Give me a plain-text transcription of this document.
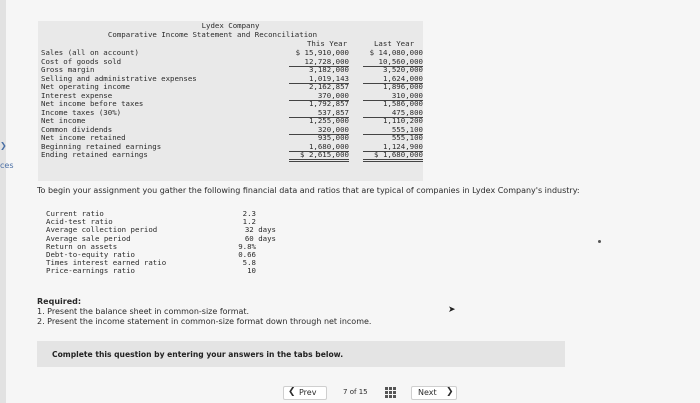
❯
ces
Lydex Company
Comparative Income Statement and Reconciliation
This Year	Last Year
Sales (all on account)	$ 15,910,000	$ 14,080,000
Cost of goods sold	12,728,000	10,560,000
Gross margin	3,182,000	3,520,000
Selling and administrative expenses	1,019,143	1,624,000
Net operating income	2,162,857	1,896,000
Interest expense	370,000	310,000
Net income before taxes	1,792,857	1,586,000
Income taxes (30%)	537,857	475,800
Net income	1,255,000	1,110,200
Common dividends	320,000	555,100
Net income retained	935,000	555,100
Beginning retained earnings	1,680,000	1,124,900
Ending retained earnings	$ 2,615,000	$ 1,680,000
To begin your assignment you gather the following financial data and ratios that are typical of companies in Lydex Company's industry:
Current ratio	2.3
Acid-test ratio	1.2
Average collection period	32 days
Average sale period	60 days
Return on assets	9.8%
Debt-to-equity ratio	0.66
Times interest earned ratio	5.8
Price-earnings ratio	10
Required:
1. Present the balance sheet in common-size format.
2. Present the income statement in common-size format down through net income.
➤
Complete this question by entering your answers in the tabs below.
❮ Prev	7 of 15	Next ❯
